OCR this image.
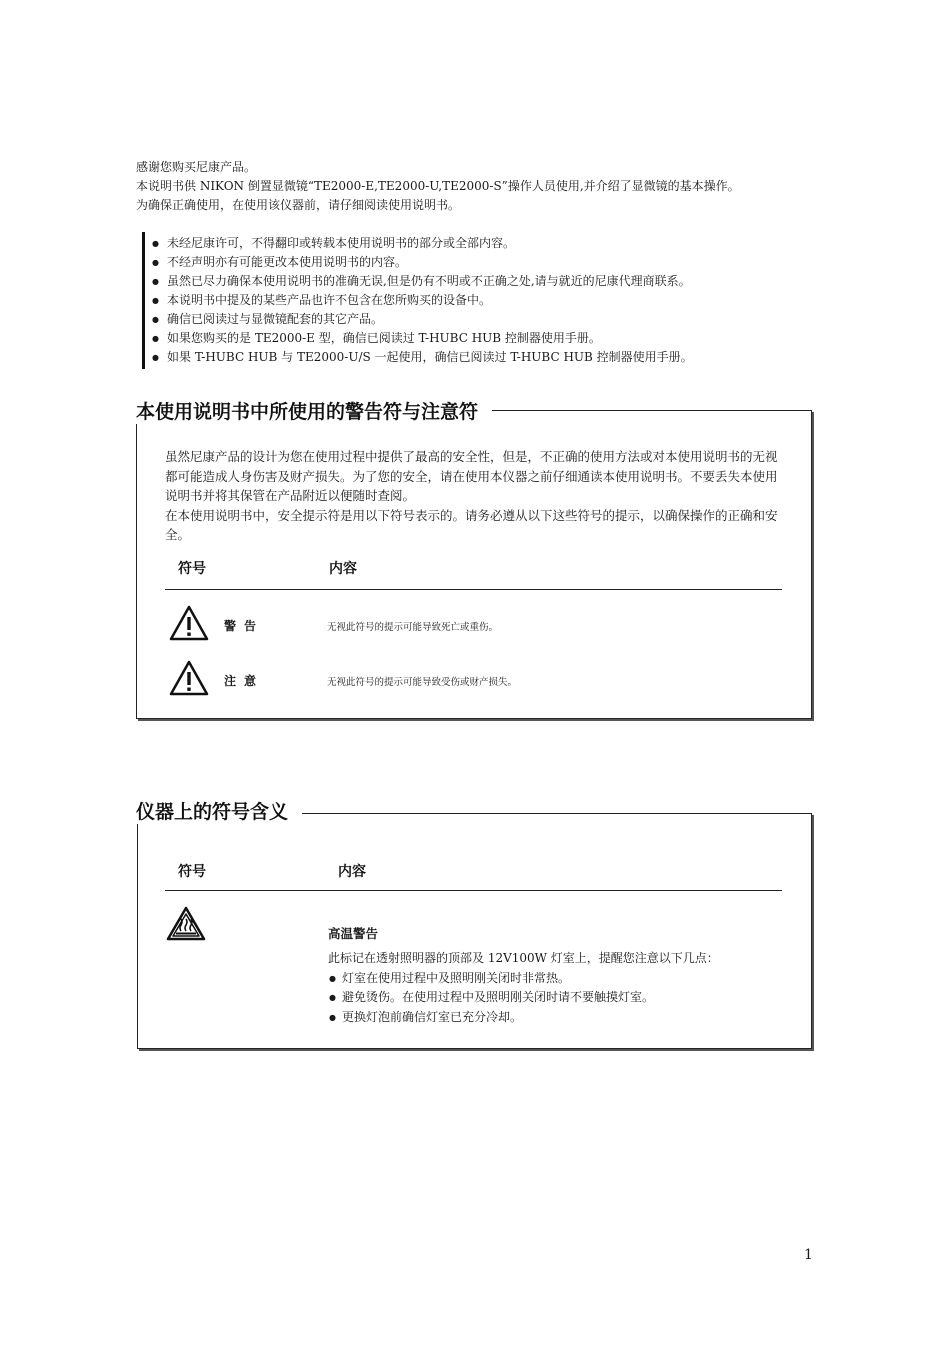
感谢您购买尼康产品。
本说明书供 NIKON 倒置显微镜“TE2000-E,TE2000-U,TE2000-S”操作人员使用,并介绍了显微镜的基本操作。
为确保正确使用，在使用该仪器前，请仔细阅读使用说明书。
● 未经尼康许可，不得翻印或转载本使用说明书的部分或全部内容。
● 不经声明亦有可能更改本使用说明书的内容。
● 虽然已尽力确保本使用说明书的准确无误,但是仍有不明或不正确之处,请与就近的尼康代理商联系。
● 本说明书中提及的某些产品也许不包含在您所购买的设备中。
● 确信已阅读过与显微镜配套的其它产品。
● 如果您购买的是 TE2000-E 型，确信已阅读过 T-HUBC HUB 控制器使用手册。
● 如果 T-HUBC HUB 与 TE2000-U/S 一起使用，确信已阅读过 T-HUBC HUB 控制器使用手册。
本使用说明书中所使用的警告符与注意符
虽然尼康产品的设计为您在使用过程中提供了最高的安全性，但是，不正确的使用方法或对本使用说明书的无视都可能造成人身伤害及财产损失。为了您的安全，请在使用本仪器之前仔细通读本使用说明书。不要丢失本使用说明书并将其保管在产品附近以便随时查阅。
在本使用说明书中，安全提示符是用以下符号表示的。请务必遵从以下这些符号的提示，以确保操作的正确和安全。
符号	内容
警告	无视此符号的提示可能导致死亡或重伤。
注意	无视此符号的提示可能导致受伤或财产损失。
仪器上的符号含义
符号	内容
高温警告
此标记在透射照明器的顶部及 12V100W 灯室上，提醒您注意以下几点：
● 灯室在使用过程中及照明刚关闭时非常热。
● 避免烫伤。在使用过程中及照明刚关闭时请不要触摸灯室。
● 更换灯泡前确信灯室已充分冷却。
1
